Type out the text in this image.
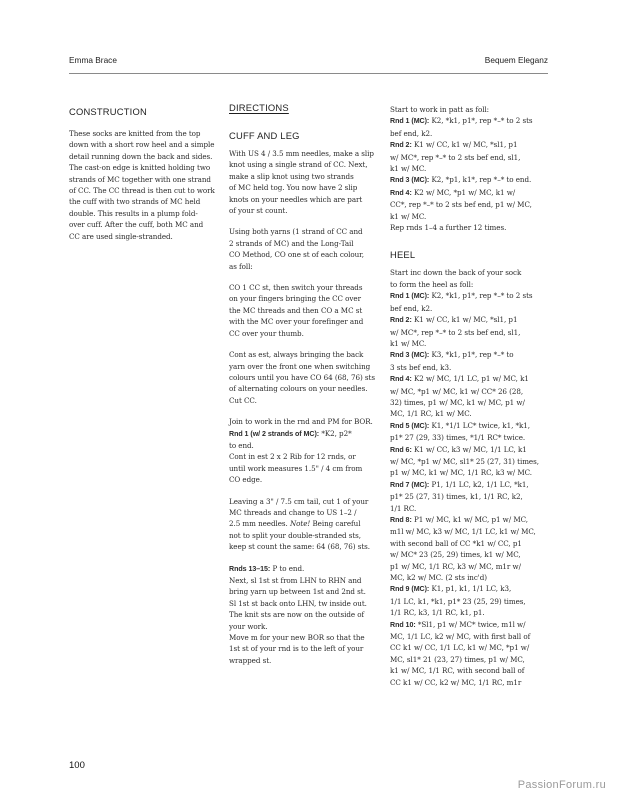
Emma Brace	Bequem Eleganz
CONSTRUCTION

These socks are knitted from the top
down with a short row heel and a simple
detail running down the back and sides.
The cast-on edge is knitted holding two
strands of MC together with one strand
of CC. The CC thread is then cut to work
the cuff with two strands of MC held
double. This results in a plump fold-
over cuff. After the cuff, both MC and
CC are used single-stranded.

DIRECTIONS
CUFF AND LEG

With US 4 / 3.5 mm needles, make a slip
knot using a single strand of CC. Next,
make a slip knot using two strands
of MC held tog. You now have 2 slip
knots on your needles which are part
of your st count.

Using both yarns (1 strand of CC and
2 strands of MC) and the Long-Tail
CO Method, CO one st of each colour,
as foll:

CO 1 CC st, then switch your threads
on your fingers bringing the CC over
the MC threads and then CO a MC st
with the MC over your forefinger and
CC over your thumb.

Cont as est, always bringing the back
yarn over the front one when switching
colours until you have CO 64 (68, 76) sts
of alternating colours on your needles.
Cut CC.

Join to work in the rnd and PM for BOR.
Rnd 1 (w/ 2 strands of MC): *K2, p2*
to end.

Cont in est 2 x 2 Rib for 12 rnds, or
until work measures 1.5" / 4 cm from
CO edge.

Leaving a 3" / 7.5 cm tail, cut 1 of your
MC threads and change to US 1–2 /
2.5 mm needles. Note! Being careful
not to split your double-stranded sts,
keep st count the same: 64 (68, 76) sts.

Rnds 13–15: P to end.
Next, sl 1st st from LHN to RHN and
bring yarn up between 1st and 2nd st.
Sl 1st st back onto LHN, tw inside out.
The knit sts are now on the outside of
your work.
Move m for your new BOR so that the
1st st of your rnd is to the left of your
wrapped st.

Start to work in patt as foll:

Rnd 1 (MC): K2, *k1, p1*, rep *–* to 2 sts
bef end, k2.

Rnd 2: K1 w/ CC, k1 w/ MC, *sl1, p1
w/ MC*, rep *–* to 2 sts bef end, sl1,
k1 w/ MC.

Rnd 3 (MC): K2, *p1, k1*, rep *–* to end.

Rnd 4: K2 w/ MC, *p1 w/ MC, k1 w/
CC*, rep *–* to 2 sts bef end, p1 w/ MC,
k1 w/ MC.

Rep rnds 1–4 a further 12 times.

HEEL

Start inc down the back of your sock
to form the heel as foll:

Rnd 1 (MC): K2, *k1, p1*, rep *–* to 2 sts
bef end, k2.

Rnd 2: K1 w/ CC, k1 w/ MC, *sl1, p1
w/ MC*, rep *–* to 2 sts bef end, sl1,
k1 w/ MC.

Rnd 3 (MC): K3, *k1, p1*, rep *–* to
3 sts bef end, k3.

Rnd 4: K2 w/ MC, 1/1 LC, p1 w/ MC, k1
w/ MC, *p1 w/ MC, k1 w/ CC* 26 (28,
32) times, p1 w/ MC, k1 w/ MC, p1 w/
MC, 1/1 RC, k1 w/ MC.

Rnd 5 (MC): K1, *1/1 LC* twice, k1, *k1,
p1* 27 (29, 33) times, *1/1 RC* twice.

Rnd 6: K1 w/ CC, k3 w/ MC, 1/1 LC, k1
w/ MC, *p1 w/ MC, sl1* 25 (27, 31) times,
p1 w/ MC, k1 w/ MC, 1/1 RC, k3 w/ MC.

Rnd 7 (MC): P1, 1/1 LC, k2, 1/1 LC, *k1,
p1* 25 (27, 31) times, k1, 1/1 RC, k2,
1/1 RC.

Rnd 8: P1 w/ MC, k1 w/ MC, p1 w/ MC,
m1l w/ MC, k3 w/ MC, 1/1 LC, k1 w/ MC,
with second ball of CC *k1 w/ CC, p1
w/ MC* 23 (25, 29) times, k1 w/ MC,
p1 w/ MC, 1/1 RC, k3 w/ MC, m1r w/
MC, k2 w/ MC. (2 sts inc'd)

Rnd 9 (MC): K1, p1, k1, 1/1 LC, k3,
1/1 LC, k1, *k1, p1* 23 (25, 29) times,
1/1 RC, k3, 1/1 RC, k1, p1.

Rnd 10: *Sl1, p1 w/ MC* twice, m1l w/
MC, 1/1 LC, k2 w/ MC, with first ball of
CC k1 w/ CC, 1/1 LC, k1 w/ MC, *p1 w/
MC, sl1* 21 (23, 27) times, p1 w/ MC,
k1 w/ MC, 1/1 RC, with second ball of
CC k1 w/ CC, k2 w/ MC, 1/1 RC, m1r

100
PassionForum.ru
